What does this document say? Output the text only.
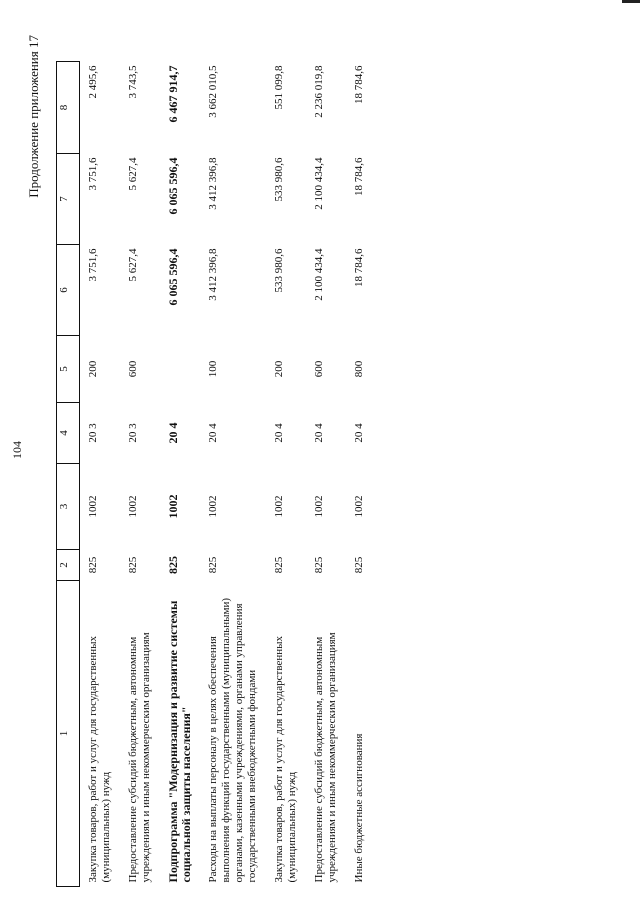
104
Продолжение приложения 17
1	2	3	4	5	6	7	8
Закупка товаров, работ и услуг для государственных (муниципальных) нужд	825	1002	20 3	200	3 751,6	3 751,6	2 495,6
Предоставление субсидий бюджетным, автономным учреждениям и иным некоммерческим организациям	825	1002	20 3	600	5 627,4	5 627,4	3 743,5
Подпрограмма "Модернизация и развитие системы социальной защиты населения"	825	1002	20 4		6 065 596,4	6 065 596,4	6 467 914,7
Расходы на выплаты персоналу в целях обеспечения выполнения функций государственными (муниципальными) органами, казенными учреждениями, органами управления государственными внебюджетными фондами	825	1002	20 4	100	3 412 396,8	3 412 396,8	3 662 010,5
Закупка товаров, работ и услуг для государственных (муниципальных) нужд	825	1002	20 4	200	533 980,6	533 980,6	551 099,8
Предоставление субсидий бюджетным, автономным учреждениям и иным некоммерческим организациям	825	1002	20 4	600	2 100 434,4	2 100 434,4	2 236 019,8
Иные бюджетные ассигнования	825	1002	20 4	800	18 784,6	18 784,6	18 784,6
